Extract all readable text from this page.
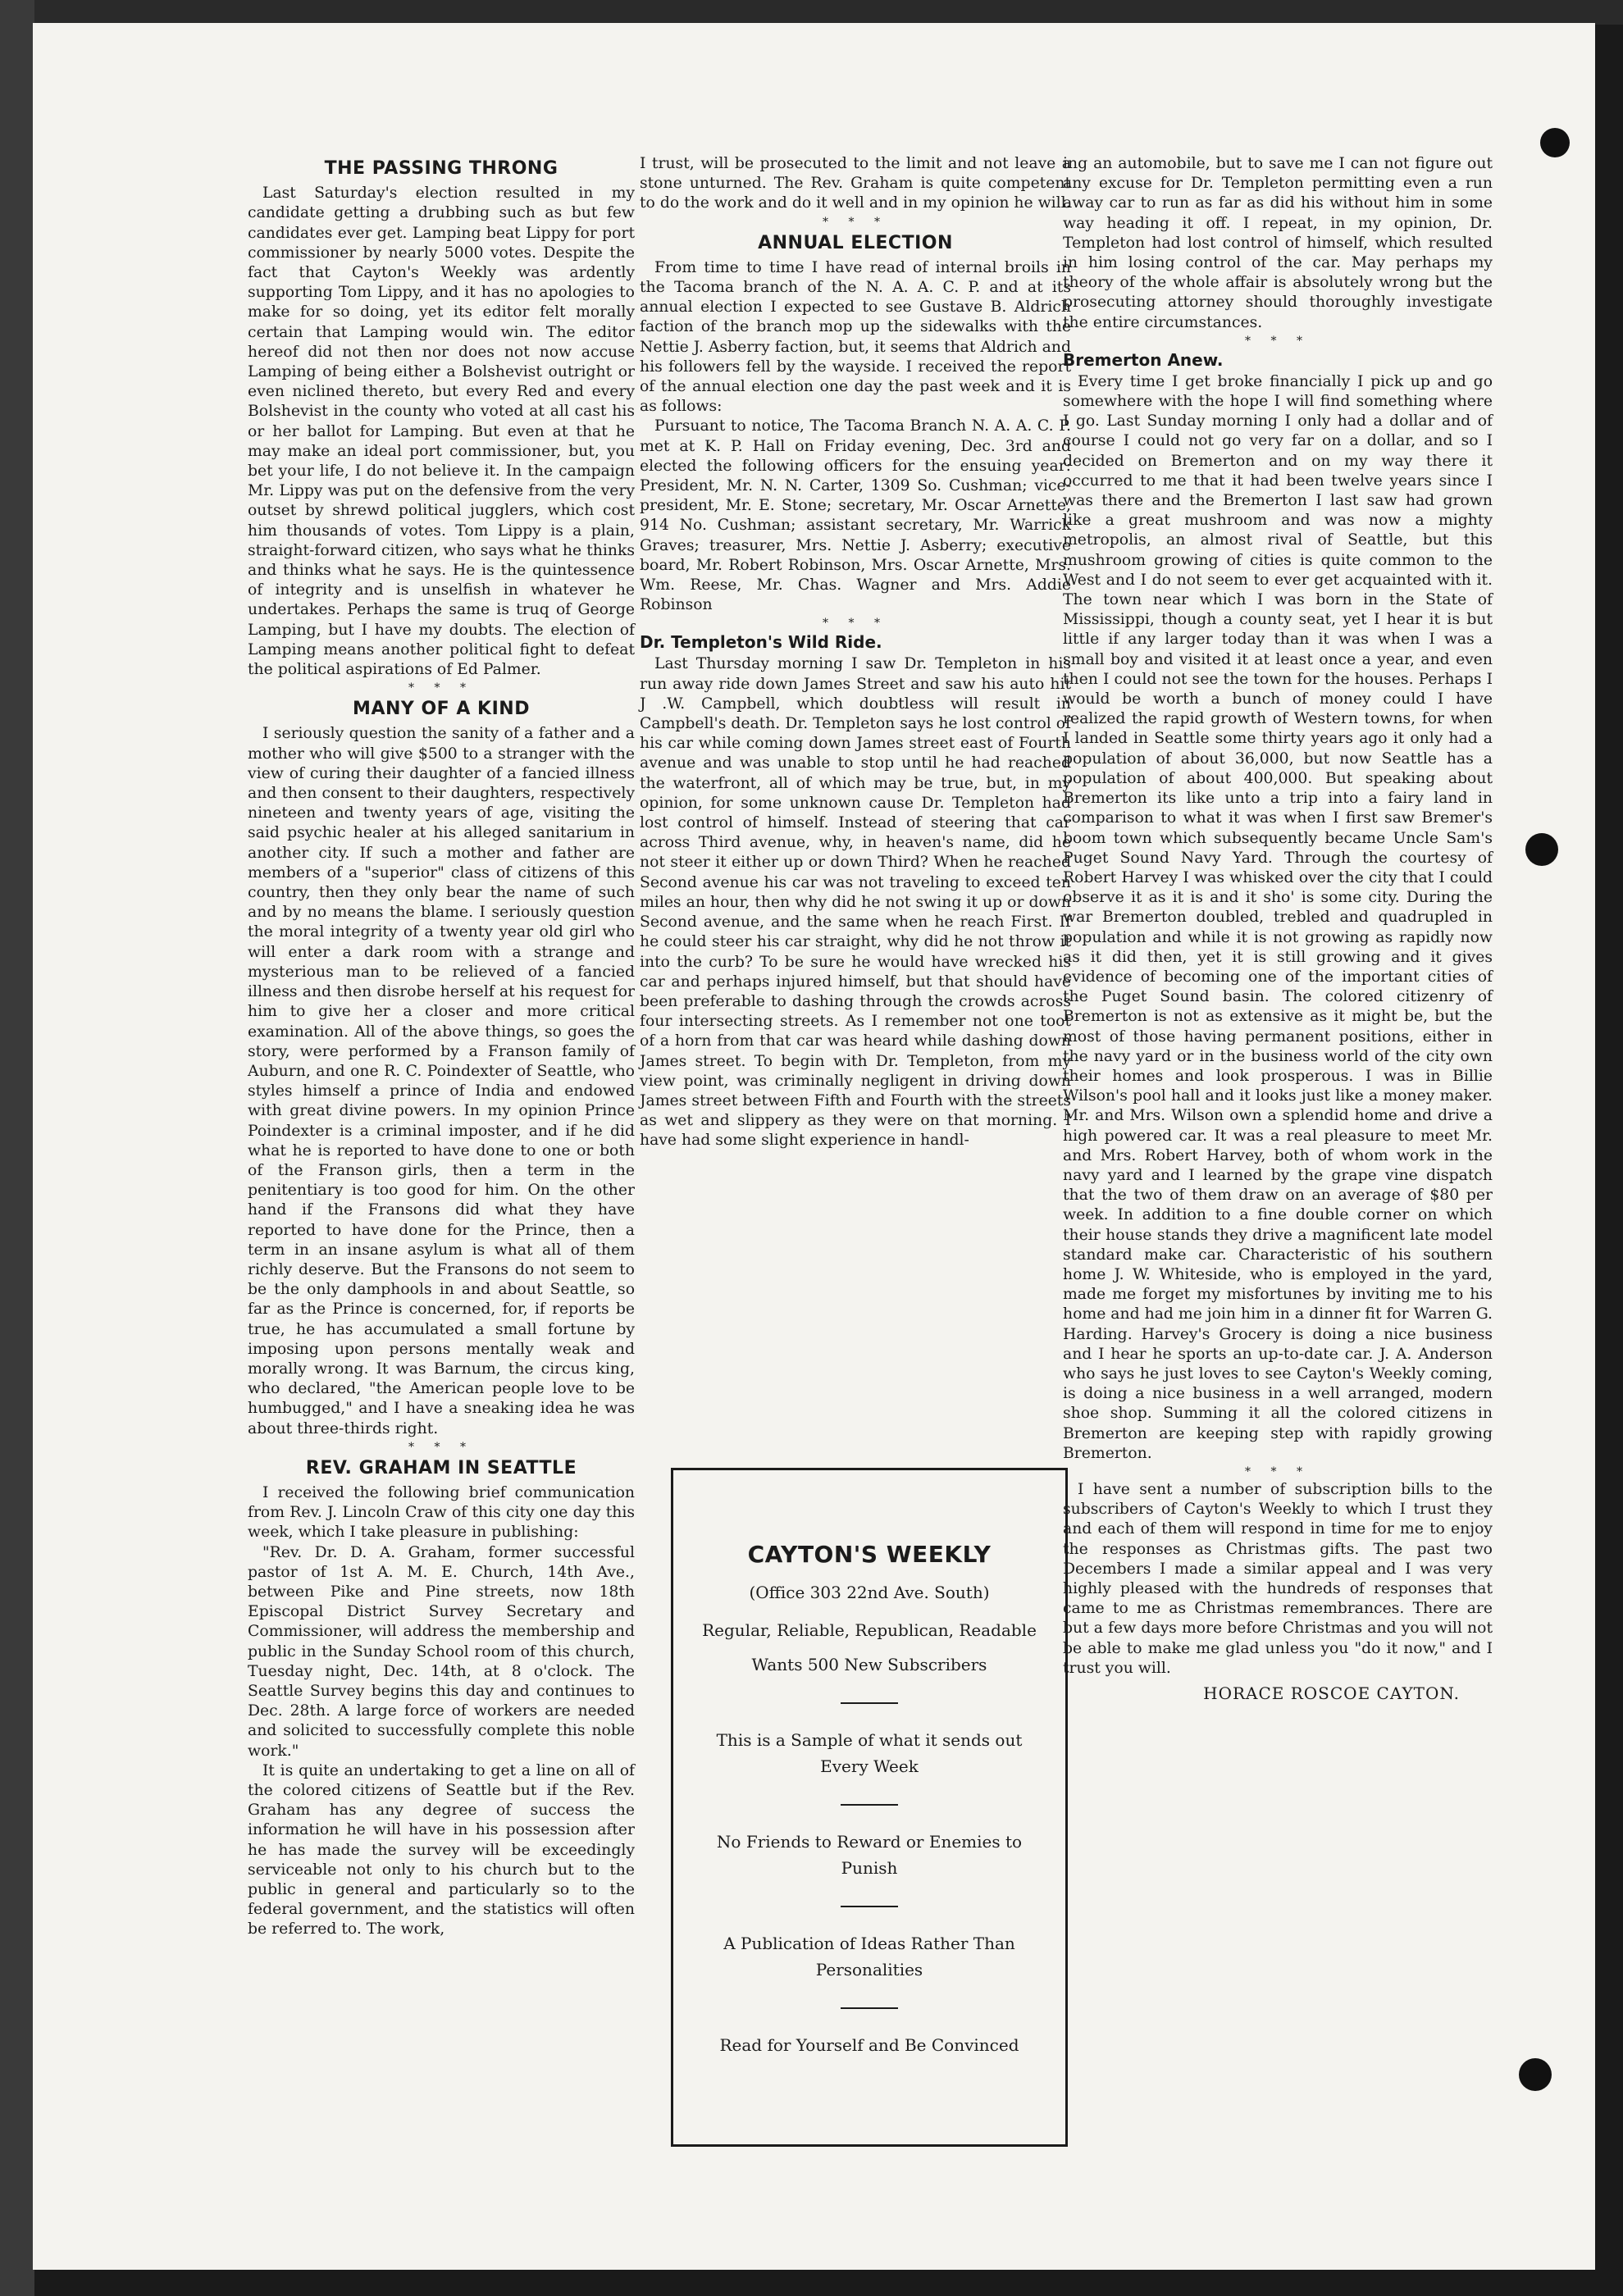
THE PASSING THRONG

Last Saturday's election resulted in my candidate getting a drubbing such as but few candidates ever get. Lamping beat Lippy for port commissioner by nearly 5000 votes. Despite the fact that Cayton's Weekly was ardently supporting Tom Lippy, and it has no apologies to make for so doing, yet its editor felt morally certain that Lamping would win. The editor hereof did not then nor does not now accuse Lamping of being either a Bolshevist outright or even niclined thereto, but every Red and every Bolshevist in the county who voted at all cast his or her ballot for Lamping. But even at that he may make an ideal port commissioner, but, you bet your life, I do not believe it. In the campaign Mr. Lippy was put on the defensive from the very outset by shrewd political jugglers, which cost him thousands of votes. Tom Lippy is a plain, straight-forward citizen, who says what he thinks and thinks what he says. He is the quintessence of integrity and is unselfish in whatever he undertakes. Perhaps the same is truq of George Lamping, but I have my doubts. The election of Lamping means another political fight to defeat the political aspirations of Ed Palmer.

* * *
MANY OF A KIND

I seriously question the sanity of a father and a mother who will give $500 to a stranger with the view of curing their daughter of a fancied illness and then consent to their daughters, respectively nineteen and twenty years of age, visiting the said psychic healer at his alleged sanitarium in another city. If such a mother and father are members of a "superior" class of citizens of this country, then they only bear the name of such and by no means the blame. I seriously question the moral integrity of a twenty year old girl who will enter a dark room with a strange and mysterious man to be relieved of a fancied illness and then disrobe herself at his request for him to give her a closer and more critical examination. All of the above things, so goes the story, were performed by a Franson family of Auburn, and one R. C. Poindexter of Seattle, who styles himself a prince of India and endowed with great divine powers. In my opinion Prince Poindexter is a criminal imposter, and if he did what he is reported to have done to one or both of the Franson girls, then a term in the penitentiary is too good for him. On the other hand if the Fransons did what they have reported to have done for the Prince, then a term in an insane asylum is what all of them richly deserve. But the Fransons do not seem to be the only damphools in and about Seattle, so far as the Prince is concerned, for, if reports be true, he has accumulated a small fortune by imposing upon persons mentally weak and morally wrong. It was Barnum, the circus king, who declared, "the American people love to be humbugged," and I have a sneaking idea he was about three-thirds right.

* * *
REV. GRAHAM IN SEATTLE

I received the following brief communication from Rev. J. Lincoln Craw of this city one day this week, which I take pleasure in publishing:

"Rev. Dr. D. A. Graham, former successful pastor of 1st A. M. E. Church, 14th Ave., between Pike and Pine streets, now 18th Episcopal District Survey Secretary and Commissioner, will address the membership and public in the Sunday School room of this church, Tuesday night, Dec. 14th, at 8 o'clock. The Seattle Survey begins this day and continues to Dec. 28th. A large force of workers are needed and solicited to successfully complete this noble work."

It is quite an undertaking to get a line on all of the colored citizens of Seattle but if the Rev. Graham has any degree of success the information he will have in his possession after he has made the survey will be exceedingly serviceable not only to his church but to the public in general and particularly so to the federal government, and the statistics will often be referred to. The work,

I trust, will be prosecuted to the limit and not leave a stone unturned. The Rev. Graham is quite competent to do the work and do it well and in my opinion he will.

* * *
ANNUAL ELECTION

From time to time I have read of internal broils in the Tacoma branch of the N. A. A. C. P. and at its annual election I expected to see Gustave B. Aldrich faction of the branch mop up the sidewalks with the Nettie J. Asberry faction, but, it seems that Aldrich and his followers fell by the wayside. I received the report of the annual election one day the past week and it is as follows:

Pursuant to notice, The Tacoma Branch N. A. A. C. P. met at K. P. Hall on Friday evening, Dec. 3rd and elected the following officers for the ensuing year: President, Mr. N. N. Carter, 1309 So. Cushman; vice-president, Mr. E. Stone; secretary, Mr. Oscar Arnette, 914 No. Cushman; assistant secretary, Mr. Warrick Graves; treasurer, Mrs. Nettie J. Asberry; executive board, Mr. Robert Robinson, Mrs. Oscar Arnette, Mrs. Wm. Reese, Mr. Chas. Wagner and Mrs. Addie Robinson

* * *
Dr. Templeton's Wild Ride.

Last Thursday morning I saw Dr. Templeton in his run away ride down James Street and saw his auto hit J .W. Campbell, which doubtless will result in Campbell's death. Dr. Templeton says he lost control of his car while coming down James street east of Fourth avenue and was unable to stop until he had reached the waterfront, all of which may be true, but, in my opinion, for some unknown cause Dr. Templeton had lost control of himself. Instead of steering that car across Third avenue, why, in heaven's name, did he not steer it either up or down Third? When he reached Second avenue his car was not traveling to exceed ten miles an hour, then why did he not swing it up or down Second avenue, and the same when he reach First. If he could steer his car straight, why did he not throw it into the curb? To be sure he would have wrecked his car and perhaps injured himself, but that should have been preferable to dashing through the crowds across four intersecting streets. As I remember not one toot of a horn from that car was heard while dashing down James street. To begin with Dr. Templeton, from my view point, was criminally negligent in driving down James street between Fifth and Fourth with the streets as wet and slippery as they were on that morning. I have had some slight experience in handl-

ing an automobile, but to save me I can not figure out any excuse for Dr. Templeton permitting even a run away car to run as far as did his without him in some way heading it off. I repeat, in my opinion, Dr. Templeton had lost control of himself, which resulted in him losing control of the car. May perhaps my theory of the whole affair is absolutely wrong but the prosecuting attorney should thoroughly investigate the entire circumstances.

* * *
Bremerton Anew.

Every time I get broke financially I pick up and go somewhere with the hope I will find something where I go. Last Sunday morning I only had a dollar and of course I could not go very far on a dollar, and so I decided on Bremerton and on my way there it occurred to me that it had been twelve years since I was there and the Bremerton I last saw had grown like a great mushroom and was now a mighty metropolis, an almost rival of Seattle, but this mushroom growing of cities is quite common to the West and I do not seem to ever get acquainted with it. The town near which I was born in the State of Mississippi, though a county seat, yet I hear it is but little if any larger today than it was when I was a small boy and visited it at least once a year, and even then I could not see the town for the houses. Perhaps I would be worth a bunch of money could I have realized the rapid growth of Western towns, for when I landed in Seattle some thirty years ago it only had a population of about 36,000, but now Seattle has a population of about 400,000. But speaking about Bremerton its like unto a trip into a fairy land in comparison to what it was when I first saw Bremer's boom town which subsequently became Uncle Sam's Puget Sound Navy Yard. Through the courtesy of Robert Harvey I was whisked over the city that I could observe it as it is and it sho' is some city. During the war Bremerton doubled, trebled and quadrupled in population and while it is not growing as rapidly now as it did then, yet it is still growing and it gives evidence of becoming one of the important cities of the Puget Sound basin. The colored citizenry of Bremerton is not as extensive as it might be, but the most of those having permanent positions, either in the navy yard or in the business world of the city own their homes and look prosperous. I was in Billie Wilson's pool hall and it looks just like a money maker. Mr. and Mrs. Wilson own a splendid home and drive a high powered car. It was a real pleasure to meet Mr. and Mrs. Robert Harvey, both of whom work in the navy yard and I learned by the grape vine dispatch that the two of them draw on an average of $80 per week. In addition to a fine double corner on which their house stands they drive a magnificent late model standard make car. Characteristic of his southern home J. W. Whiteside, who is employed in the yard, made me forget my misfortunes by inviting me to his home and had me join him in a dinner fit for Warren G. Harding. Harvey's Grocery is doing a nice business and I hear he sports an up-to-date car. J. A. Anderson who says he just loves to see Cayton's Weekly coming, is doing a nice business in a well arranged, modern shoe shop. Summing it all the colored citizens in Bremerton are keeping step with rapidly growing Bremerton.

* * *

I have sent a number of subscription bills to the subscribers of Cayton's Weekly to which I trust they and each of them will respond in time for me to enjoy the responses as Christmas gifts. The past two Decembers I made a similar appeal and I was very highly pleased with the hundreds of responses that came to me as Christmas remembrances. There are but a few days more before Christmas and you will not be able to make me glad unless you "do it now," and I trust you will.

HORACE ROSCOE CAYTON.
CAYTON'S WEEKLY
(Office 303 22nd Ave. South)
Regular, Reliable, Republican, Readable
Wants 500 New Subscribers
This is a Sample of what it sends out Every Week
No Friends to Reward or Enemies to Punish
A Publication of Ideas Rather Than Personalities
Read for Yourself and Be Convinced
